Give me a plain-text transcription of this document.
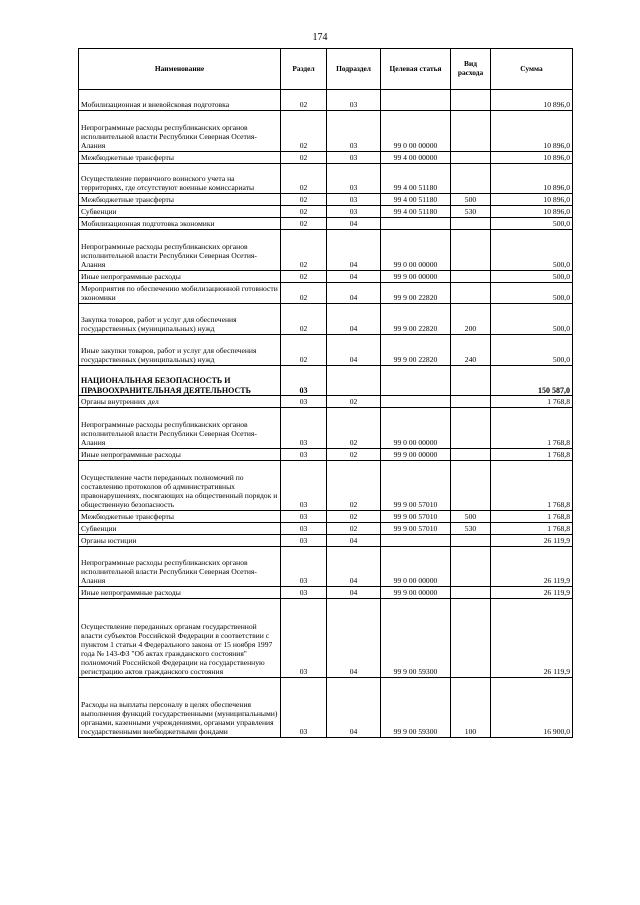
174
Наименование	Раздел	Подраздел	Целевая статья	Вид расхода	Сумма
Мобилизационная и вневойсковая подготовка	02	03			10 896,0
Непрограммные расходы республиканских органов исполнительной власти Республики Северная Осетия-Алания	02	03	99 0 00 00000		10 896,0
Межбюджетные трансферты	02	03	99 4 00 00000		10 896,0
Осуществление первичного воинского учета на территориях, где отсутствуют военные комиссариаты	02	03	99 4 00 51180		10 896,0
Межбюджетные трансферты	02	03	99 4 00 51180	500	10 896,0
Субвенции	02	03	99 4 00 51180	530	10 896,0
Мобилизационная подготовка экономики	02	04			500,0
Непрограммные расходы республиканских органов исполнительной власти Республики Северная Осетия-Алания	02	04	99 0 00 00000		500,0
Иные непрограммные расходы	02	04	99 9 00 00000		500,0
Мероприятия по обеспечению мобилизационной готовности экономики	02	04	99 9 00 22820		500,0
Закупка товаров, работ и услуг для обеспечения государственных (муниципальных) нужд	02	04	99 9 00 22820	200	500,0
Иные закупки товаров, работ и услуг для обеспечения государственных (муниципальных) нужд	02	04	99 9 00 22820	240	500,0
НАЦИОНАЛЬНАЯ БЕЗОПАСНОСТЬ И ПРАВООХРАНИТЕЛЬНАЯ ДЕЯТЕЛЬНОСТЬ	03				150 587,0
Органы внутренних дел	03	02			1 768,8
Непрограммные расходы республиканских органов исполнительной власти Республики Северная Осетия-Алания	03	02	99 0 00 00000		1 768,8
Иные непрограммные расходы	03	02	99 9 00 00000		1 768,8
Осуществление части переданных полномочий по составлению протоколов об административных правонарушениях, посягающих на общественный порядок и общественную безопасность	03	02	99 9 00 57010		1 768,8
Межбюджетные трансферты	03	02	99 9 00 57010	500	1 768,8
Субвенции	03	02	99 9 00 57010	530	1 768,8
Органы юстиции	03	04			26 119,9
Непрограммные расходы республиканских органов исполнительной власти Республики Северная Осетия-Алания	03	04	99 0 00 00000		26 119,9
Иные непрограммные расходы	03	04	99 9 00 00000		26 119,9
Осуществление переданных органам государственной власти субъектов Российской Федерации в соответствии с пунктом 1 статьи 4 Федерального закона от 15 ноября 1997 года № 143-ФЗ "Об актах гражданского состояния" полномочий Российской Федерации на государственную регистрацию актов гражданского состояния	03	04	99 9 00 59300		26 119,9
Расходы на выплаты персоналу в целях обеспечения выполнения функций государственными (муниципальными) органами, казенными учреждениями, органами управления государственными внебюджетными фондами	03	04	99 9 00 59300	100	16 900,0
